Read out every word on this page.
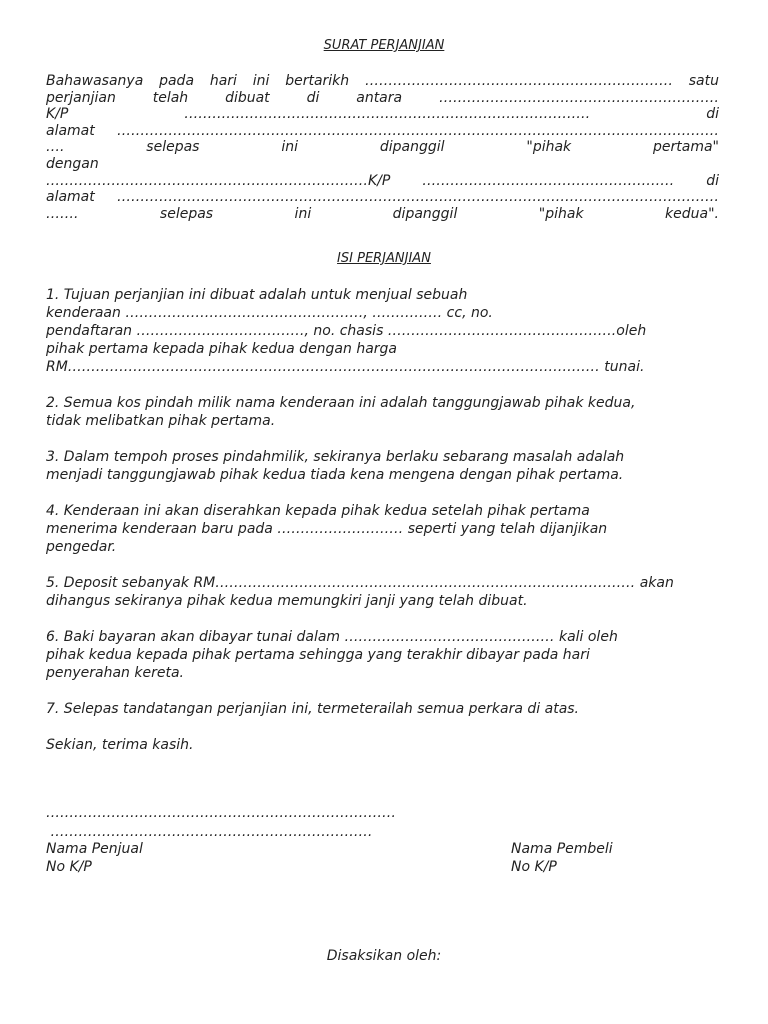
SURAT PERJANJIAN
Bahawasanya pada hari ini bertarikh ………………………………………………………… satu
perjanjian telah dibuat di antara ……………………………………………………
K/P …………………………………………………………………………… di
alamat …………………………………………………………………………………………………………………
…. selepas ini dipanggil "pihak pertama"
dengan
……………………………………………………………K/P ……………………………………………… di
alamat …………………………………………………………………………………………………………………
……. selepas ini dipanggil "pihak kedua".
ISI PERJANJIAN
1. Tujuan perjanjian ini dibuat adalah untuk menjual sebuah
kenderaan ……………………………………………, …………… cc, no.
pendaftaran ………………………………, no. chasis ………………………………………….oleh
pihak pertama kepada pihak kedua dengan harga
RM…………………………………………………………………………………………………… tunai.
2. Semua kos pindah milik nama kenderaan ini adalah tanggungjawab pihak kedua,
tidak melibatkan pihak pertama.
3. Dalam tempoh proses pindahmilik, sekiranya berlaku sebarang masalah adalah
menjadi tanggungjawab pihak kedua tiada kena mengena dengan pihak pertama.
4. Kenderaan ini akan diserahkan kepada pihak kedua setelah pihak pertama
menerima kenderaan baru pada ……………………… seperti yang telah dijanjikan
pengedar.
5. Deposit sebanyak RM……………………………………………………………………………… akan
dihangus sekiranya pihak kedua memungkiri janji yang telah dibuat.
6. Baki bayaran akan dibayar tunai dalam ……………………………………… kali oleh
pihak kedua kepada pihak pertama sehingga yang terakhir dibayar pada hari
penyerahan kereta.
7. Selepas tandatangan perjanjian ini, termeterailah semua perkara di atas.
Sekian, terima kasih.
…………………………………………………………………
……………………………………………………………
Nama Penjual
No K/P
Nama Pembeli
No K/P
Disaksikan oleh:
